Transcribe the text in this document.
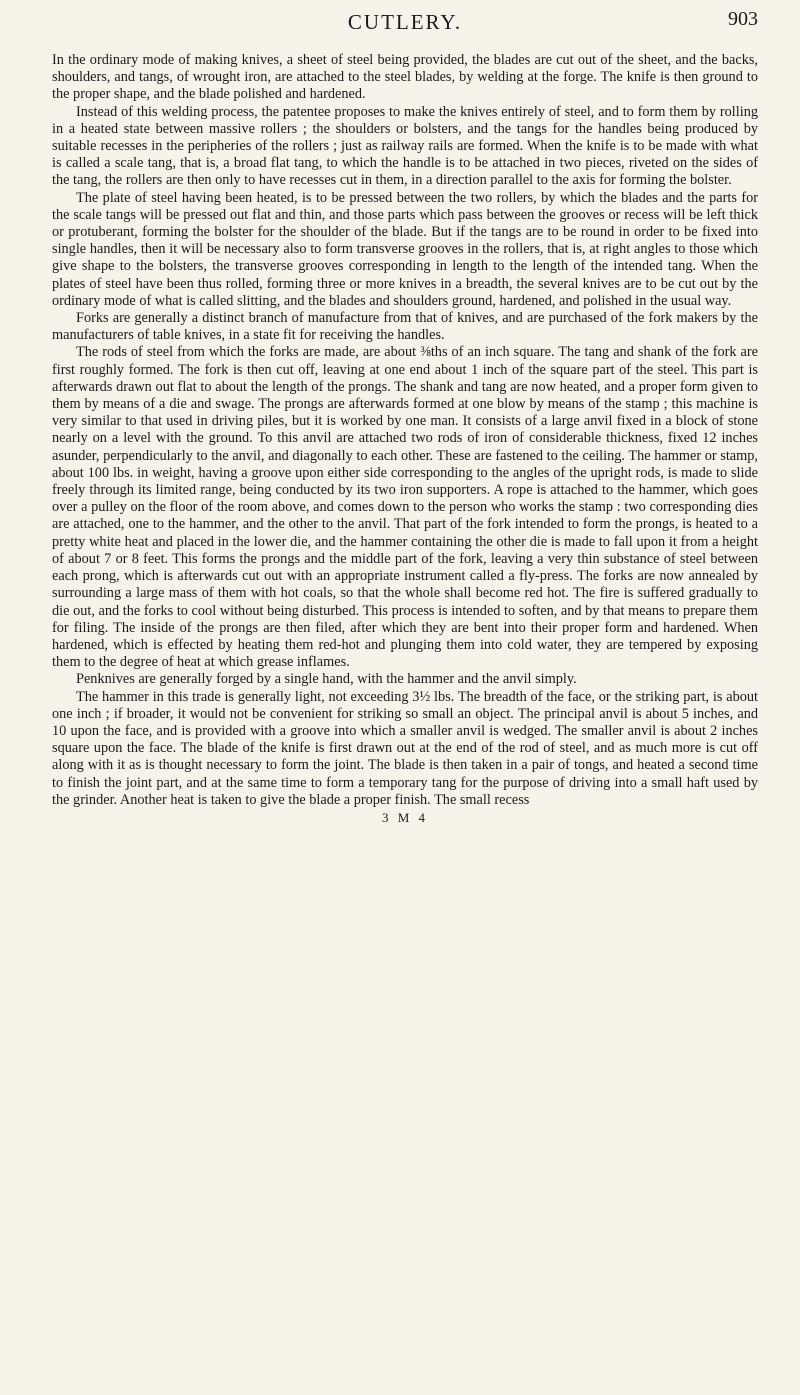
CUTLERY.	903

In the ordinary mode of making knives, a sheet of steel being provided, the blades are cut out of the sheet, and the backs, shoulders, and tangs, of wrought iron, are attached to the steel blades, by welding at the forge. The knife is then ground to the proper shape, and the blade polished and hardened.

Instead of this welding process, the patentee proposes to make the knives entirely of steel, and to form them by rolling in a heated state between massive rollers ; the shoulders or bolsters, and the tangs for the handles being produced by suitable recesses in the peripheries of the rollers ; just as railway rails are formed. When the knife is to be made with what is called a scale tang, that is, a broad flat tang, to which the handle is to be attached in two pieces, riveted on the sides of the tang, the rollers are then only to have recesses cut in them, in a direction parallel to the axis for forming the bolster.

The plate of steel having been heated, is to be pressed between the two rollers, by which the blades and the parts for the scale tangs will be pressed out flat and thin, and those parts which pass between the grooves or recess will be left thick or protuberant, forming the bolster for the shoulder of the blade. But if the tangs are to be round in order to be fixed into single handles, then it will be necessary also to form transverse grooves in the rollers, that is, at right angles to those which give shape to the bolsters, the transverse grooves corresponding in length to the length of the intended tang. When the plates of steel have been thus rolled, forming three or more knives in a breadth, the several knives are to be cut out by the ordinary mode of what is called slitting, and the blades and shoulders ground, hardened, and polished in the usual way.

Forks are generally a distinct branch of manufacture from that of knives, and are purchased of the fork makers by the manufacturers of table knives, in a state fit for receiving the handles.

The rods of steel from which the forks are made, are about ⅜ths of an inch square. The tang and shank of the fork are first roughly formed. The fork is then cut off, leaving at one end about 1 inch of the square part of the steel. This part is afterwards drawn out flat to about the length of the prongs. The shank and tang are now heated, and a proper form given to them by means of a die and swage. The prongs are afterwards formed at one blow by means of the stamp ; this machine is very similar to that used in driving piles, but it is worked by one man. It consists of a large anvil fixed in a block of stone nearly on a level with the ground. To this anvil are attached two rods of iron of considerable thickness, fixed 12 inches asunder, perpendicularly to the anvil, and diagonally to each other. These are fastened to the ceiling. The hammer or stamp, about 100 lbs. in weight, having a groove upon either side corresponding to the angles of the upright rods, is made to slide freely through its limited range, being conducted by its two iron supporters. A rope is attached to the hammer, which goes over a pulley on the floor of the room above, and comes down to the person who works the stamp : two corresponding dies are attached, one to the hammer, and the other to the anvil. That part of the fork intended to form the prongs, is heated to a pretty white heat and placed in the lower die, and the hammer containing the other die is made to fall upon it from a height of about 7 or 8 feet. This forms the prongs and the middle part of the fork, leaving a very thin substance of steel between each prong, which is afterwards cut out with an appropriate instrument called a fly-press. The forks are now annealed by surrounding a large mass of them with hot coals, so that the whole shall become red hot. The fire is suffered gradually to die out, and the forks to cool without being disturbed. This process is intended to soften, and by that means to prepare them for filing. The inside of the prongs are then filed, after which they are bent into their proper form and hardened. When hardened, which is effected by heating them red-hot and plunging them into cold water, they are tempered by exposing them to the degree of heat at which grease inflames.

Penknives are generally forged by a single hand, with the hammer and the anvil simply.

The hammer in this trade is generally light, not exceeding 3½ lbs. The breadth of the face, or the striking part, is about one inch ; if broader, it would not be convenient for striking so small an object. The principal anvil is about 5 inches, and 10 upon the face, and is provided with a groove into which a smaller anvil is wedged. The smaller anvil is about 2 inches square upon the face. The blade of the knife is first drawn out at the end of the rod of steel, and as much more is cut off along with it as is thought necessary to form the joint. The blade is then taken in a pair of tongs, and heated a second time to finish the joint part, and at the same time to form a temporary tang for the purpose of driving into a small haft used by the grinder. Another heat is taken to give the blade a proper finish. The small recess

3 M 4
